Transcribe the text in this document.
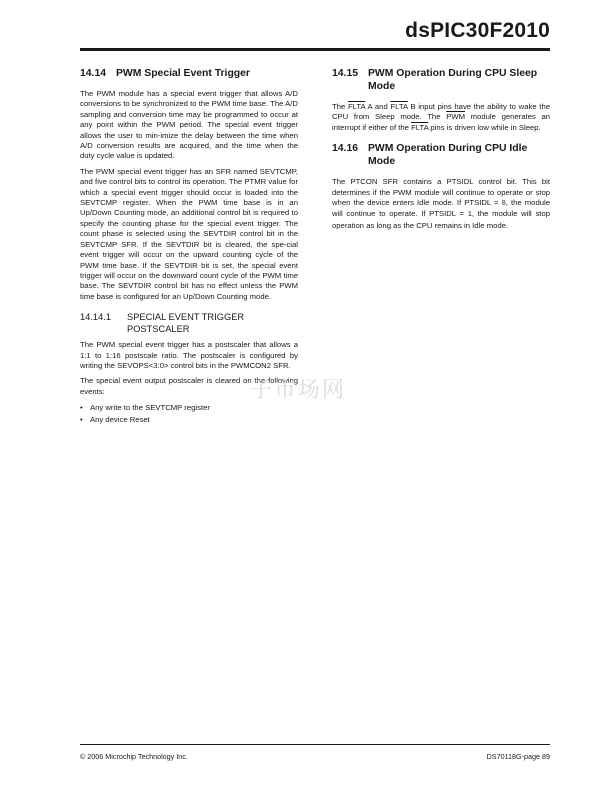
dsPIC30F2010
14.14 PWM Special Event Trigger

The PWM module has a special event trigger that allows A/D conversions to be synchronized to the PWM time base. The A/D sampling and conversion time may be programmed to occur at any point within the PWM period. The special event trigger allows the user to min-imize the delay between the time when A/D conversion results are acquired, and the time when the duty cycle value is updated.

The PWM special event trigger has an SFR named SEVTCMP, and five control bits to control its operation. The PTMR value for which a special event trigger should occur is loaded into the SEVTCMP register. When the PWM time base is in an Up/Down Counting mode, an additional control bit is required to specify the counting phase for the special event trigger. The count phase is selected using the SEVTDIR control bit in the SEVTCMP SFR. If the SEVTDIR bit is cleared, the spe-cial event trigger will occur on the upward counting cycle of the PWM time base. If the SEVTDIR bit is set, the special event trigger will occur on the downward count cycle of the PWM time base. The SEVTDIR control bit has no effect unless the PWM time base is configured for an Up/Down Counting mode.

14.14.1	SPECIAL EVENT TRIGGER
POSTSCALER

The PWM special event trigger has a postscaler that allows a 1:1 to 1:16 postscale ratio. The postscaler is configured by writing the SEVOPS<3:0> control bits in the PWMCON2 SFR.

The special event output postscaler is cleared on the following events:

• Any write to the SEVTCMP register
• Any device Reset
14.15 PWM Operation During CPU Sleep
Mode

The FLTA A and FLTA B input pins have the ability to wake the CPU from Sleep mode. The $\overline{PWM}$ module generates an interrupt if either of the FLTA pins is driven low while in Sleep.

14.16 PWM Operation During CPU Idle
Mode

The PTCON SFR contains a PTSIDL control bit. This bit determines if the PWM module will continue to operate or stop when the device enters Idle mode. If PTSIDL = 0, the module will continue to operate. If PTSIDL = 1, the module will stop operation as long as the CPU remains in Idle mode.

子市场网
© 2006 Microchip Technology Inc.	DS70118G-page 89
